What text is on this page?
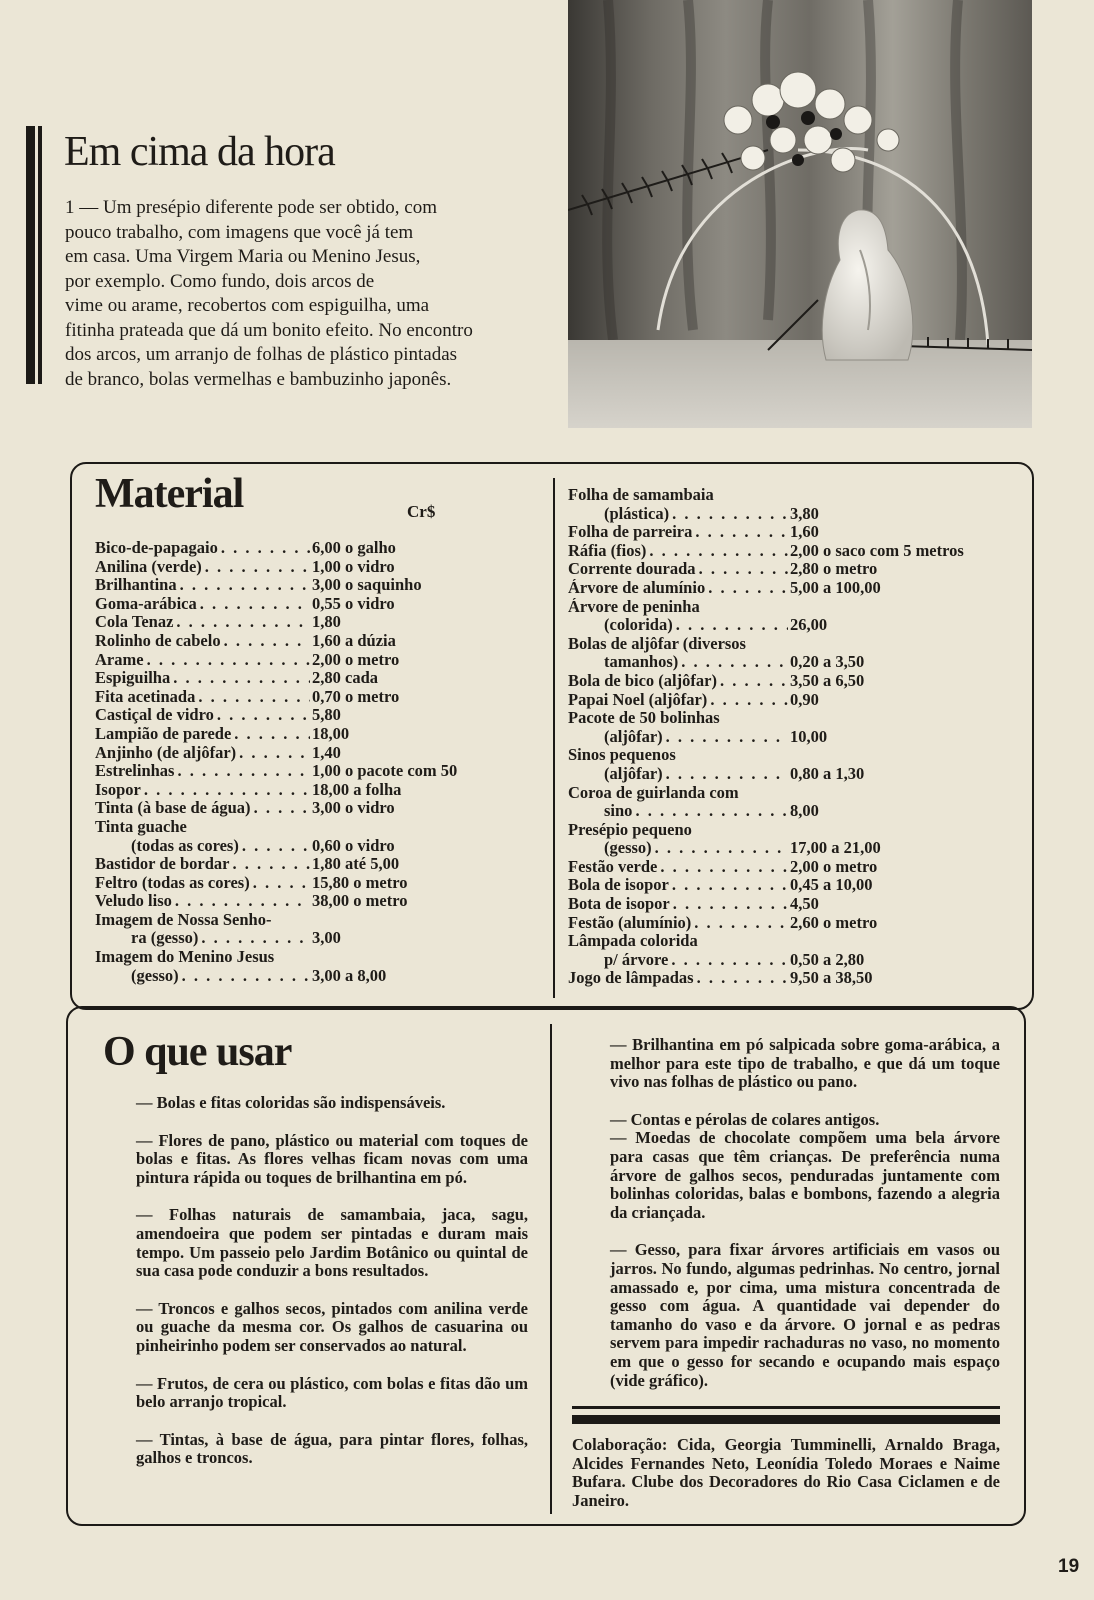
Em cima da hora
1 — Um presépio diferente pode ser obtido, com
pouco trabalho, com imagens que você já tem
em casa. Uma Virgem Maria ou Menino Jesus,
por exemplo. Como fundo, dois arcos de
vime ou arame, recobertos com espiguilha, uma
fitinha prateada que dá um bonito efeito. No encontro
dos arcos, um arranjo de folhas de plástico pintadas
de branco, bolas vermelhas e bambuzinho japonês.
Material	Cr$
Bico-de-papagaio . . .	6,00 o galho
Anilina (verde) . . .	1,00 o vidro
Brilhantina . . .	3,00 o saquinho
Goma-arábica . . .	0,55 o vidro
Cola Tenaz . . .	1,80
Rolinho de cabelo . . .	1,60 a dúzia
Arame . . .	2,00 o metro
Espiguilha . . .	2,80 cada
Fita acetinada . . .	0,70 o metro
Castiçal de vidro . . .	5,80
Lampião de parede . . .	18,00
Anjinho (de aljôfar) . . .	1,40
Estrelinhas . . .	1,00 o pacote com 50
Isopor . . .	18,00 a folha
Tinta (à base de água) . . .	3,00 o vidro
Tinta guache
(todas as cores) . . .	0,60 o vidro
Bastidor de bordar . . .	1,80 até 5,00
Feltro (todas as cores) . . .	15,80 o metro
Veludo liso . . .	38,00 o metro
Imagem de Nossa Senho-
ra (gesso) . . .	3,00
Imagem do Menino Jesus
(gesso) . . .	3,00 a 8,00
Folha de samambaia
(plástica) . . .	3,80
Folha de parreira . . .	1,60
Ráfia (fios) . . .	2,00 o saco com 5 metros
Corrente dourada . . .	2,80 o metro
Árvore de alumínio . . .	5,00 a 100,00
Árvore de peninha
(colorida) . . .	26,00
Bolas de aljôfar (diversos
tamanhos) . . .	0,20 a 3,50
Bola de bico (aljôfar) . . .	3,50 a 6,50
Papai Noel (aljôfar) . . .	0,90
Pacote de 50 bolinhas
(aljôfar) . . .	10,00
Sinos pequenos
(aljôfar) . . .	0,80 a 1,30
Coroa de guirlanda com
sino . . .	8,00
Presépio pequeno
(gesso) . . .	17,00 a 21,00
Festão verde . . .	2,00 o metro
Bola de isopor . . .	0,45 a 10,00
Bota de isopor . . .	4,50
Festão (alumínio) . . .	2,60 o metro
Lâmpada colorida
p/ árvore . . .	0,50 a 2,80
Jogo de lâmpadas . . .	9,50 a 38,50
O que usar

— Bolas e fitas coloridas são indispensáveis.

— Flores de pano, plástico ou material com toques de bolas e fitas. As flores velhas ficam novas com uma pintura rápida ou toques de brilhantina em pó.

— Folhas naturais de samambaia, jaca, sagu, amendoeira que podem ser pintadas e duram mais tempo. Um passeio pelo Jardim Botânico ou quintal de sua casa pode conduzir a bons resultados.

— Troncos e galhos secos, pintados com anilina verde ou guache da mesma cor. Os galhos de casuarina ou pinheirinho podem ser conservados ao natural.

— Frutos, de cera ou plástico, com bolas e fitas dão um belo arranjo tropical.

— Tintas, à base de água, para pintar flores, folhas, galhos e troncos.

— Brilhantina em pó salpicada sobre goma-arábica, a melhor para este tipo de trabalho, e que dá um toque vivo nas folhas de plástico ou pano.

— Contas e pérolas de colares antigos.

— Moedas de chocolate compõem uma bela árvore para casas que têm crianças. De preferência numa árvore de galhos secos, penduradas juntamente com bolinhas coloridas, balas e bombons, fazendo a alegria da criançada.

— Gesso, para fixar árvores artificiais em vasos ou jarros. No fundo, algumas pedrinhas. No centro, jornal amassado e, por cima, uma mistura concentrada de gesso com água. A quantidade vai depender do tamanho do vaso e da árvore. O jornal e as pedras servem para impedir rachaduras no vaso, no momento em que o gesso for secando e ocupando mais espaço (vide gráfico).

Colaboração: Cida, Georgia Tumminelli, Arnaldo Braga, Alcides Fernandes Neto, Leonídia Toledo Moraes e Naime Bufara. Clube dos Decoradores do Rio Casa Ciclamen e de Janeiro.

19
